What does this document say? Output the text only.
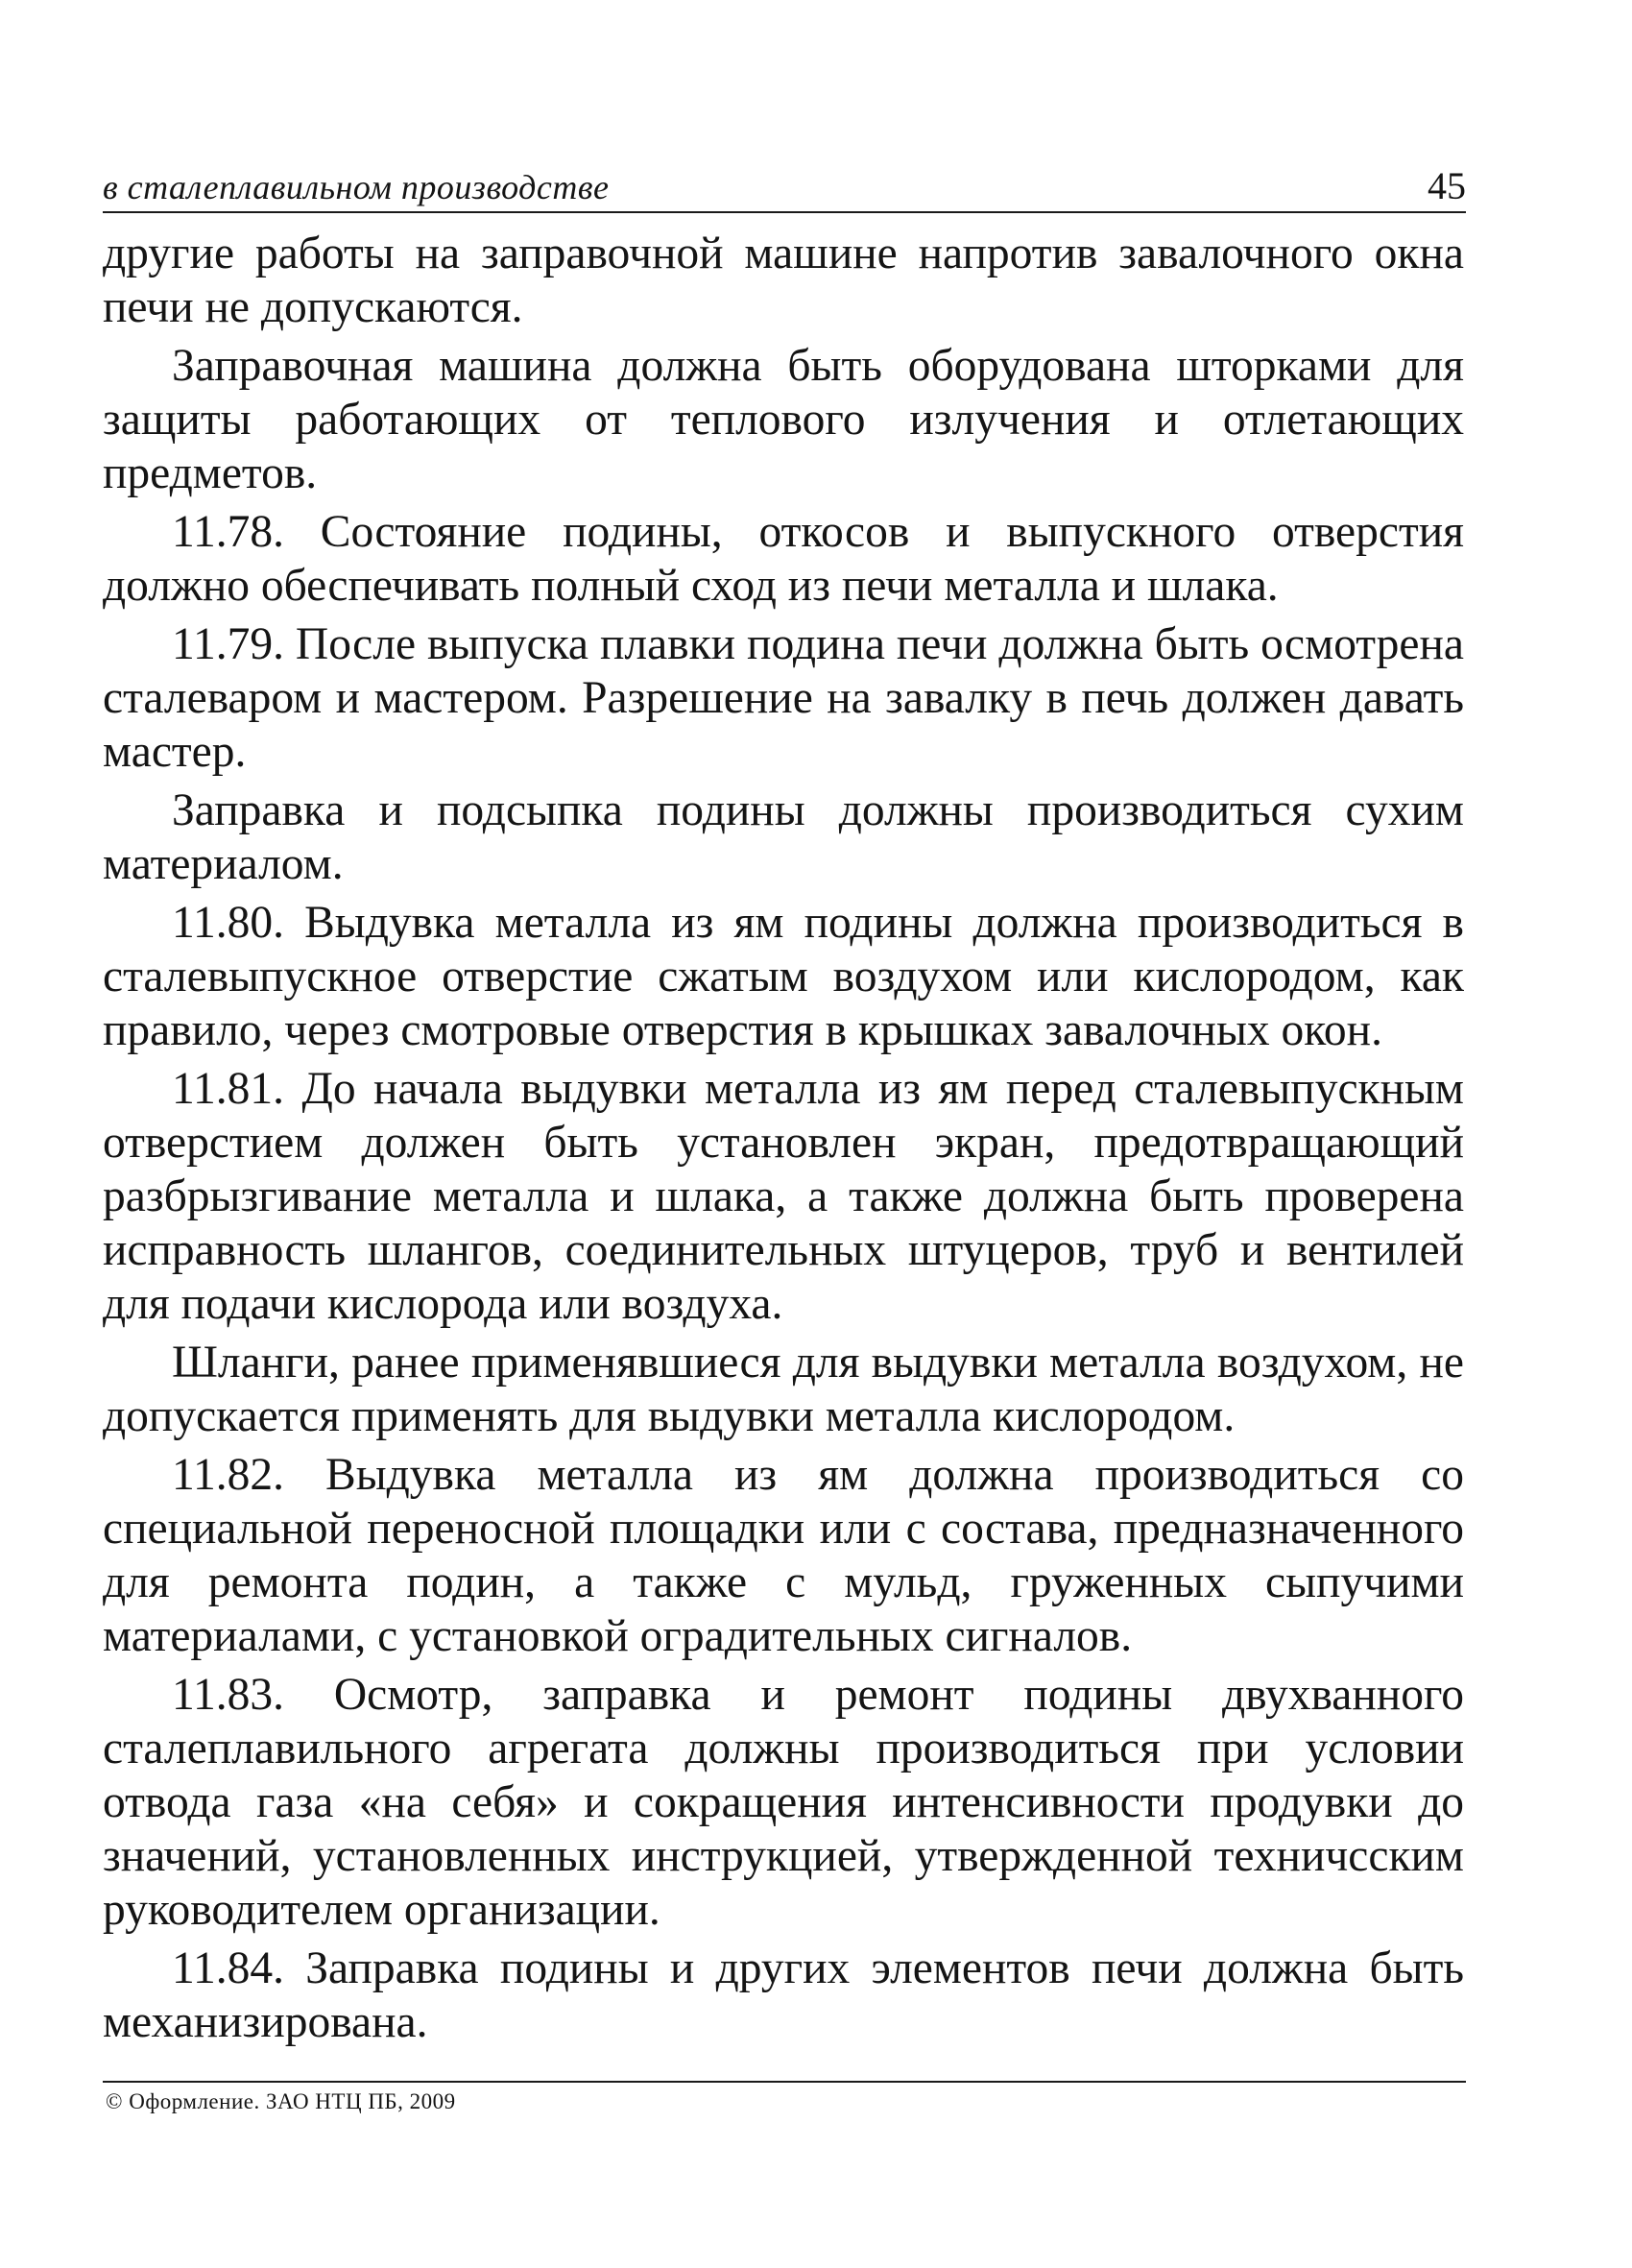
в сталеплавильном производстве	45

другие работы на заправочной машине напротив завалочного окна печи не допускаются.

Заправочная машина должна быть оборудована шторками для защиты работающих от теплового излучения и отлетающих предметов.

11.78. Состояние подины, откосов и выпускного отверстия должно обеспечивать полный сход из печи металла и шлака.

11.79. После выпуска плавки подина печи должна быть осмотрена сталеваром и мастером. Разрешение на завалку в печь должен давать мастер.

Заправка и подсыпка подины должны производиться сухим материалом.

11.80. Выдувка металла из ям подины должна производиться в сталевыпускное отверстие сжатым воздухом или кислородом, как правило, через смотровые отверстия в крышках завалочных окон.

11.81. До начала выдувки металла из ям перед сталевыпускным отверстием должен быть установлен экран, предотвращающий разбрызгивание металла и шлака, а также должна быть проверена исправность шлангов, соединительных штуцеров, труб и вентилей для подачи кислорода или воздуха.

Шланги, ранее применявшиеся для выдувки металла воздухом, не допускается применять для выдувки металла кислородом.

11.82. Выдувка металла из ям должна производиться со специальной переносной площадки или с состава, предназначенного для ремонта подин, а также с мульд, груженных сыпучими материалами, с установкой оградительных сигналов.

11.83. Осмотр, заправка и ремонт подины двухванного сталеплавильного агрегата должны производиться при условии отвода газа «на себя» и сокращения интенсивности продувки до значений, установленных инструкцией, утвержденной техничсским руководителем организации.

11.84. Заправка подины и других элементов печи должна быть механизирована.

© Оформление. ЗАО НТЦ ПБ, 2009
